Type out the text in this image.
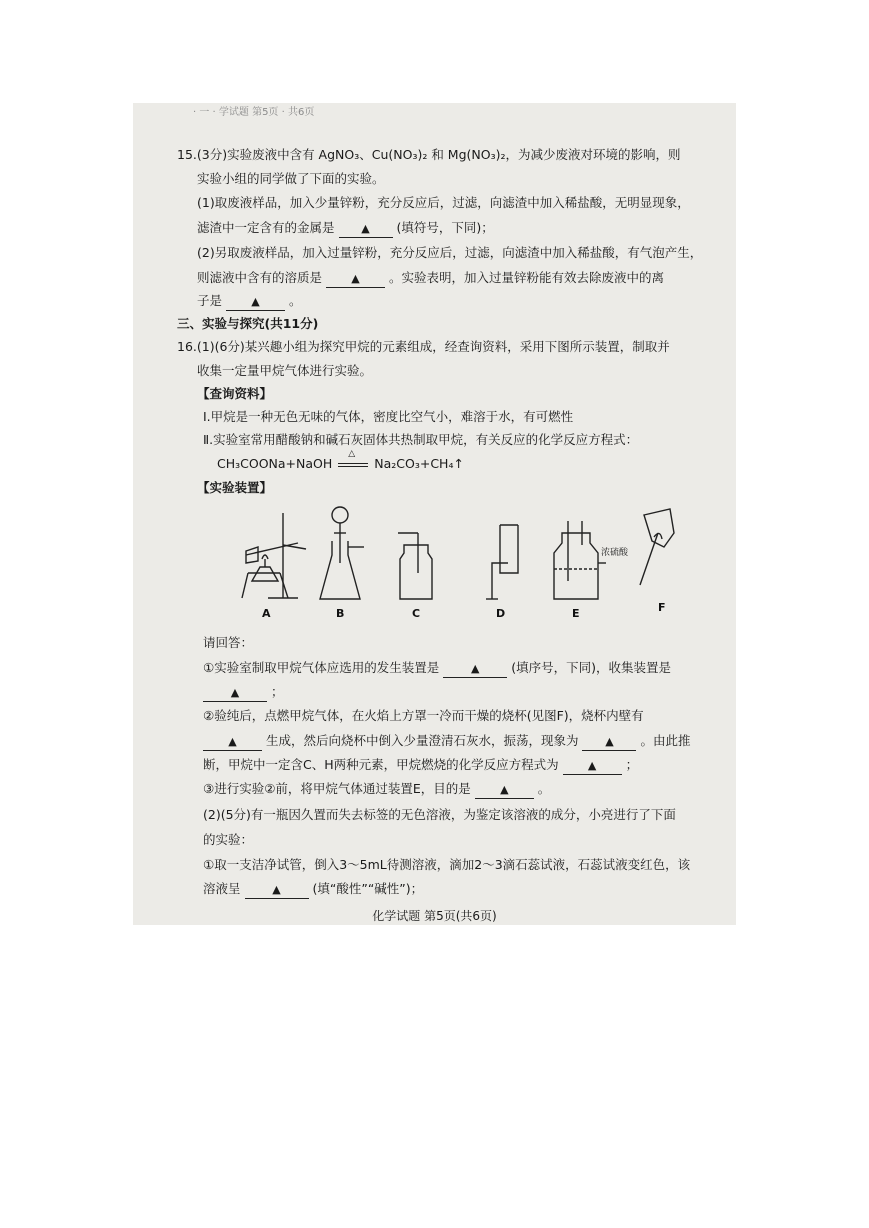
· 一 · 学试题 第5页 · 共6页
15.(3分)实验废液中含有 AgNO₃、Cu(NO₃)₂ 和 Mg(NO₃)₂，为减少废液对环境的影响，则
实验小组的同学做了下面的实验。
(1)取废液样品，加入少量锌粉，充分反应后，过滤，向滤渣中加入稀盐酸，无明显现象，
滤渣中一定含有的金属是 ▲ (填符号，下同)；
(2)另取废液样品，加入过量锌粉，充分反应后，过滤，向滤渣中加入稀盐酸，有气泡产生，
则滤液中含有的溶质是	▲ 。实验表明，加入过量锌粉能有效去除废液中的离
子是	▲ 。
三、实验与探究(共11分)
16.(1)(6分)某兴趣小组为探究甲烷的元素组成，经查询资料，采用下图所示装置，制取并
收集一定量甲烷气体进行实验。
【查询资料】
Ⅰ.甲烷是一种无色无味的气体，密度比空气小，难溶于水，有可燃性
Ⅱ.实验室常用醋酸钠和碱石灰固体共热制取甲烷，有关反应的化学反应方程式：
CH₃COONa+NaOH
△
Na₂CO₃+CH₄↑
【实验装置】
浓硫酸
A	B	C	D	E	F
请回答：
①实验室制取甲烷气体应选用的发生装置是	▲	(填序号，下同)，收集装置是
▲	；
②验纯后，点燃甲烷气体，在火焰上方罩一冷而干燥的烧杯(见图F)，烧杯内壁有
▲ 生成，然后向烧杯中倒入少量澄清石灰水，振荡，现象为 ▲ 。由此推
断，甲烷中一定含C、H两种元素，甲烷燃烧的化学反应方程式为	▲ ；
③进行实验②前，将甲烷气体通过装置E，目的是	▲ 。
(2)(5分)有一瓶因久置而失去标签的无色溶液，为鉴定该溶液的成分，小亮进行了下面
的实验：
①取一支洁净试管，倒入3～5mL待测溶液，滴加2～3滴石蕊试液，石蕊试液变红色，该
溶液呈	▲	(填“酸性”“碱性”)；
化学试题 第5页(共6页)
